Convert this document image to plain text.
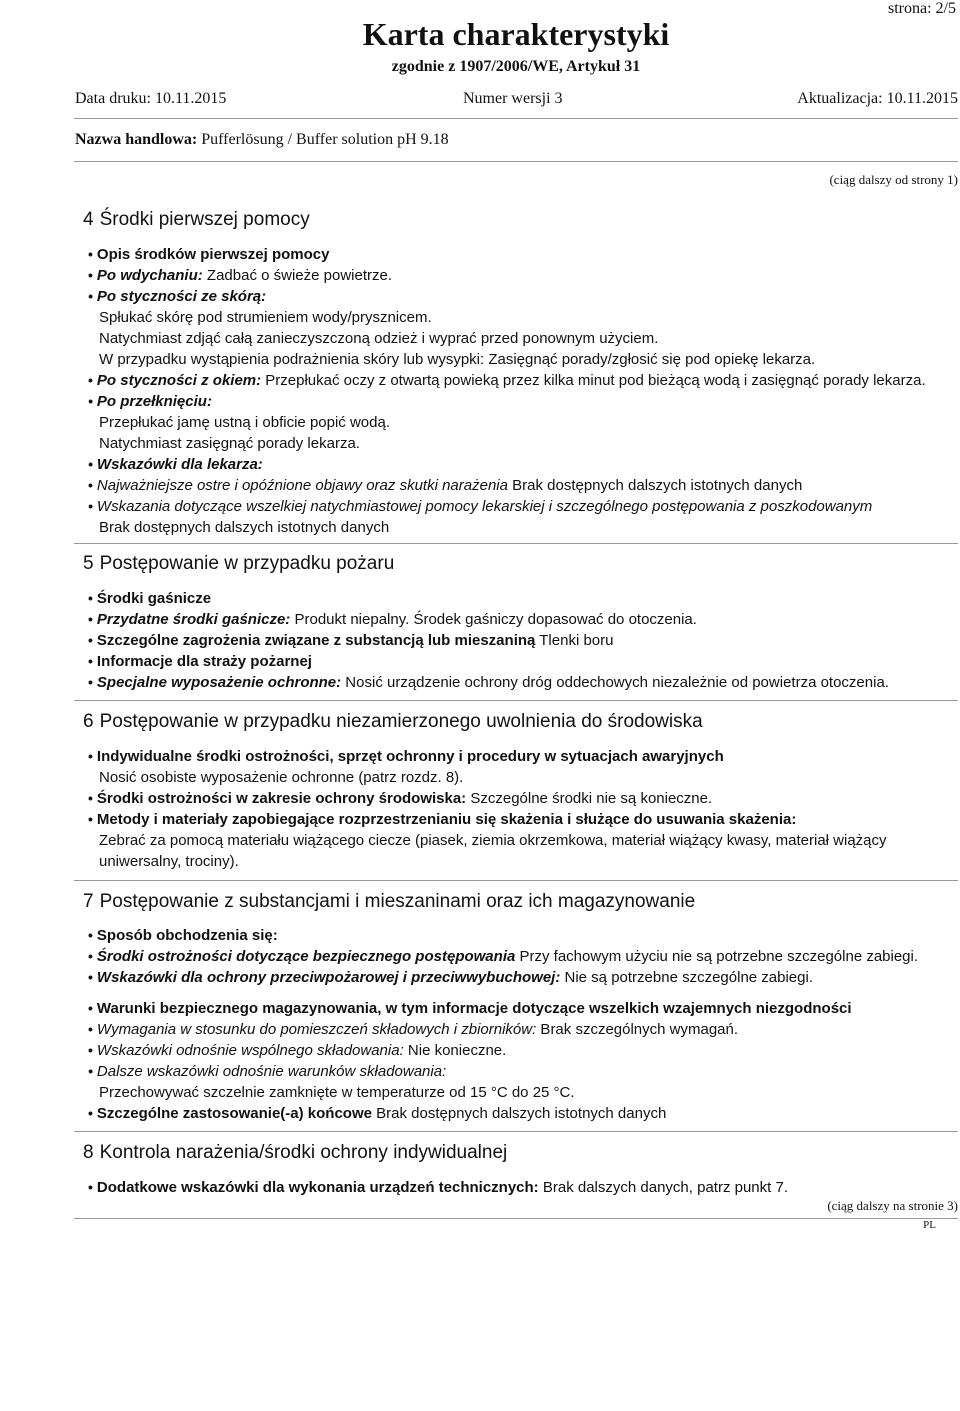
strona: 2/5
Karta charakterystyki
zgodnie z 1907/2006/WE, Artykuł 31
Data druku: 10.11.2015	Numer wersji 3	Aktualizacja: 10.11.2015
Nazwa handlowa: Pufferlösung / Buffer solution pH 9.18
(ciąg dalszy od strony 1)
4 Środki pierwszej pomocy
• Opis środków pierwszej pomocy
• Po wdychaniu: Zadbać o świeże powietrze.
• Po styczności ze skórą:
Spłukać skórę pod strumieniem wody/prysznicem.
Natychmiast zdjąć całą zanieczyszczoną odzież i wyprać przed ponownym użyciem.
W przypadku wystąpienia podrażnienia skóry lub wysypki: Zasięgnąć porady/zgłosić się pod opiekę lekarza.
• Po styczności z okiem: Przepłukać oczy z otwartą powieką przez kilka minut pod bieżącą wodą i zasięgnąć porady lekarza.
• Po przełknięciu:
Przepłukać jamę ustną i obficie popić wodą.
Natychmiast zasięgnąć porady lekarza.
• Wskazówki dla lekarza:
• Najważniejsze ostre i opóźnione objawy oraz skutki narażenia Brak dostępnych dalszych istotnych danych
• Wskazania dotyczące wszelkiej natychmiastowej pomocy lekarskiej i szczególnego postępowania z poszkodowanym
Brak dostępnych dalszych istotnych danych
5 Postępowanie w przypadku pożaru
• Środki gaśnicze
• Przydatne środki gaśnicze: Produkt niepalny. Środek gaśniczy dopasować do otoczenia.
• Szczególne zagrożenia związane z substancją lub mieszaniną Tlenki boru
• Informacje dla straży pożarnej
• Specjalne wyposażenie ochronne: Nosić urządzenie ochrony dróg oddechowych niezależnie od powietrza otoczenia.
6 Postępowanie w przypadku niezamierzonego uwolnienia do środowiska
• Indywidualne środki ostrożności, sprzęt ochronny i procedury w sytuacjach awaryjnych
Nosić osobiste wyposażenie ochronne (patrz rozdz. 8).
• Środki ostrożności w zakresie ochrony środowiska: Szczególne środki nie są konieczne.
• Metody i materiały zapobiegające rozprzestrzenianiu się skażenia i służące do usuwania skażenia:
Zebrać za pomocą materiału wiążącego ciecze (piasek, ziemia okrzemkowa, materiał wiążący kwasy, materiał wiążący
uniwersalny, trociny).
7 Postępowanie z substancjami i mieszaninami oraz ich magazynowanie
• Sposób obchodzenia się:
• Środki ostrożności dotyczące bezpiecznego postępowania Przy fachowym użyciu nie są potrzebne szczególne zabiegi.
• Wskazówki dla ochrony przeciwpożarowej i przeciwwybuchowej: Nie są potrzebne szczególne zabiegi.
• Warunki bezpiecznego magazynowania, w tym informacje dotyczące wszelkich wzajemnych niezgodności
• Wymagania w stosunku do pomieszczeń składowych i zbiorników: Brak szczególnych wymagań.
• Wskazówki odnośnie wspólnego składowania: Nie konieczne.
• Dalsze wskazówki odnośnie warunków składowania:
Przechowywać szczelnie zamknięte w temperaturze od 15 °C do 25 °C.
• Szczególne zastosowanie(-a) końcowe Brak dostępnych dalszych istotnych danych
8 Kontrola narażenia/środki ochrony indywidualnej
• Dodatkowe wskazówki dla wykonania urządzeń technicznych: Brak dalszych danych, patrz punkt 7.
(ciąg dalszy na stronie 3)
PL
